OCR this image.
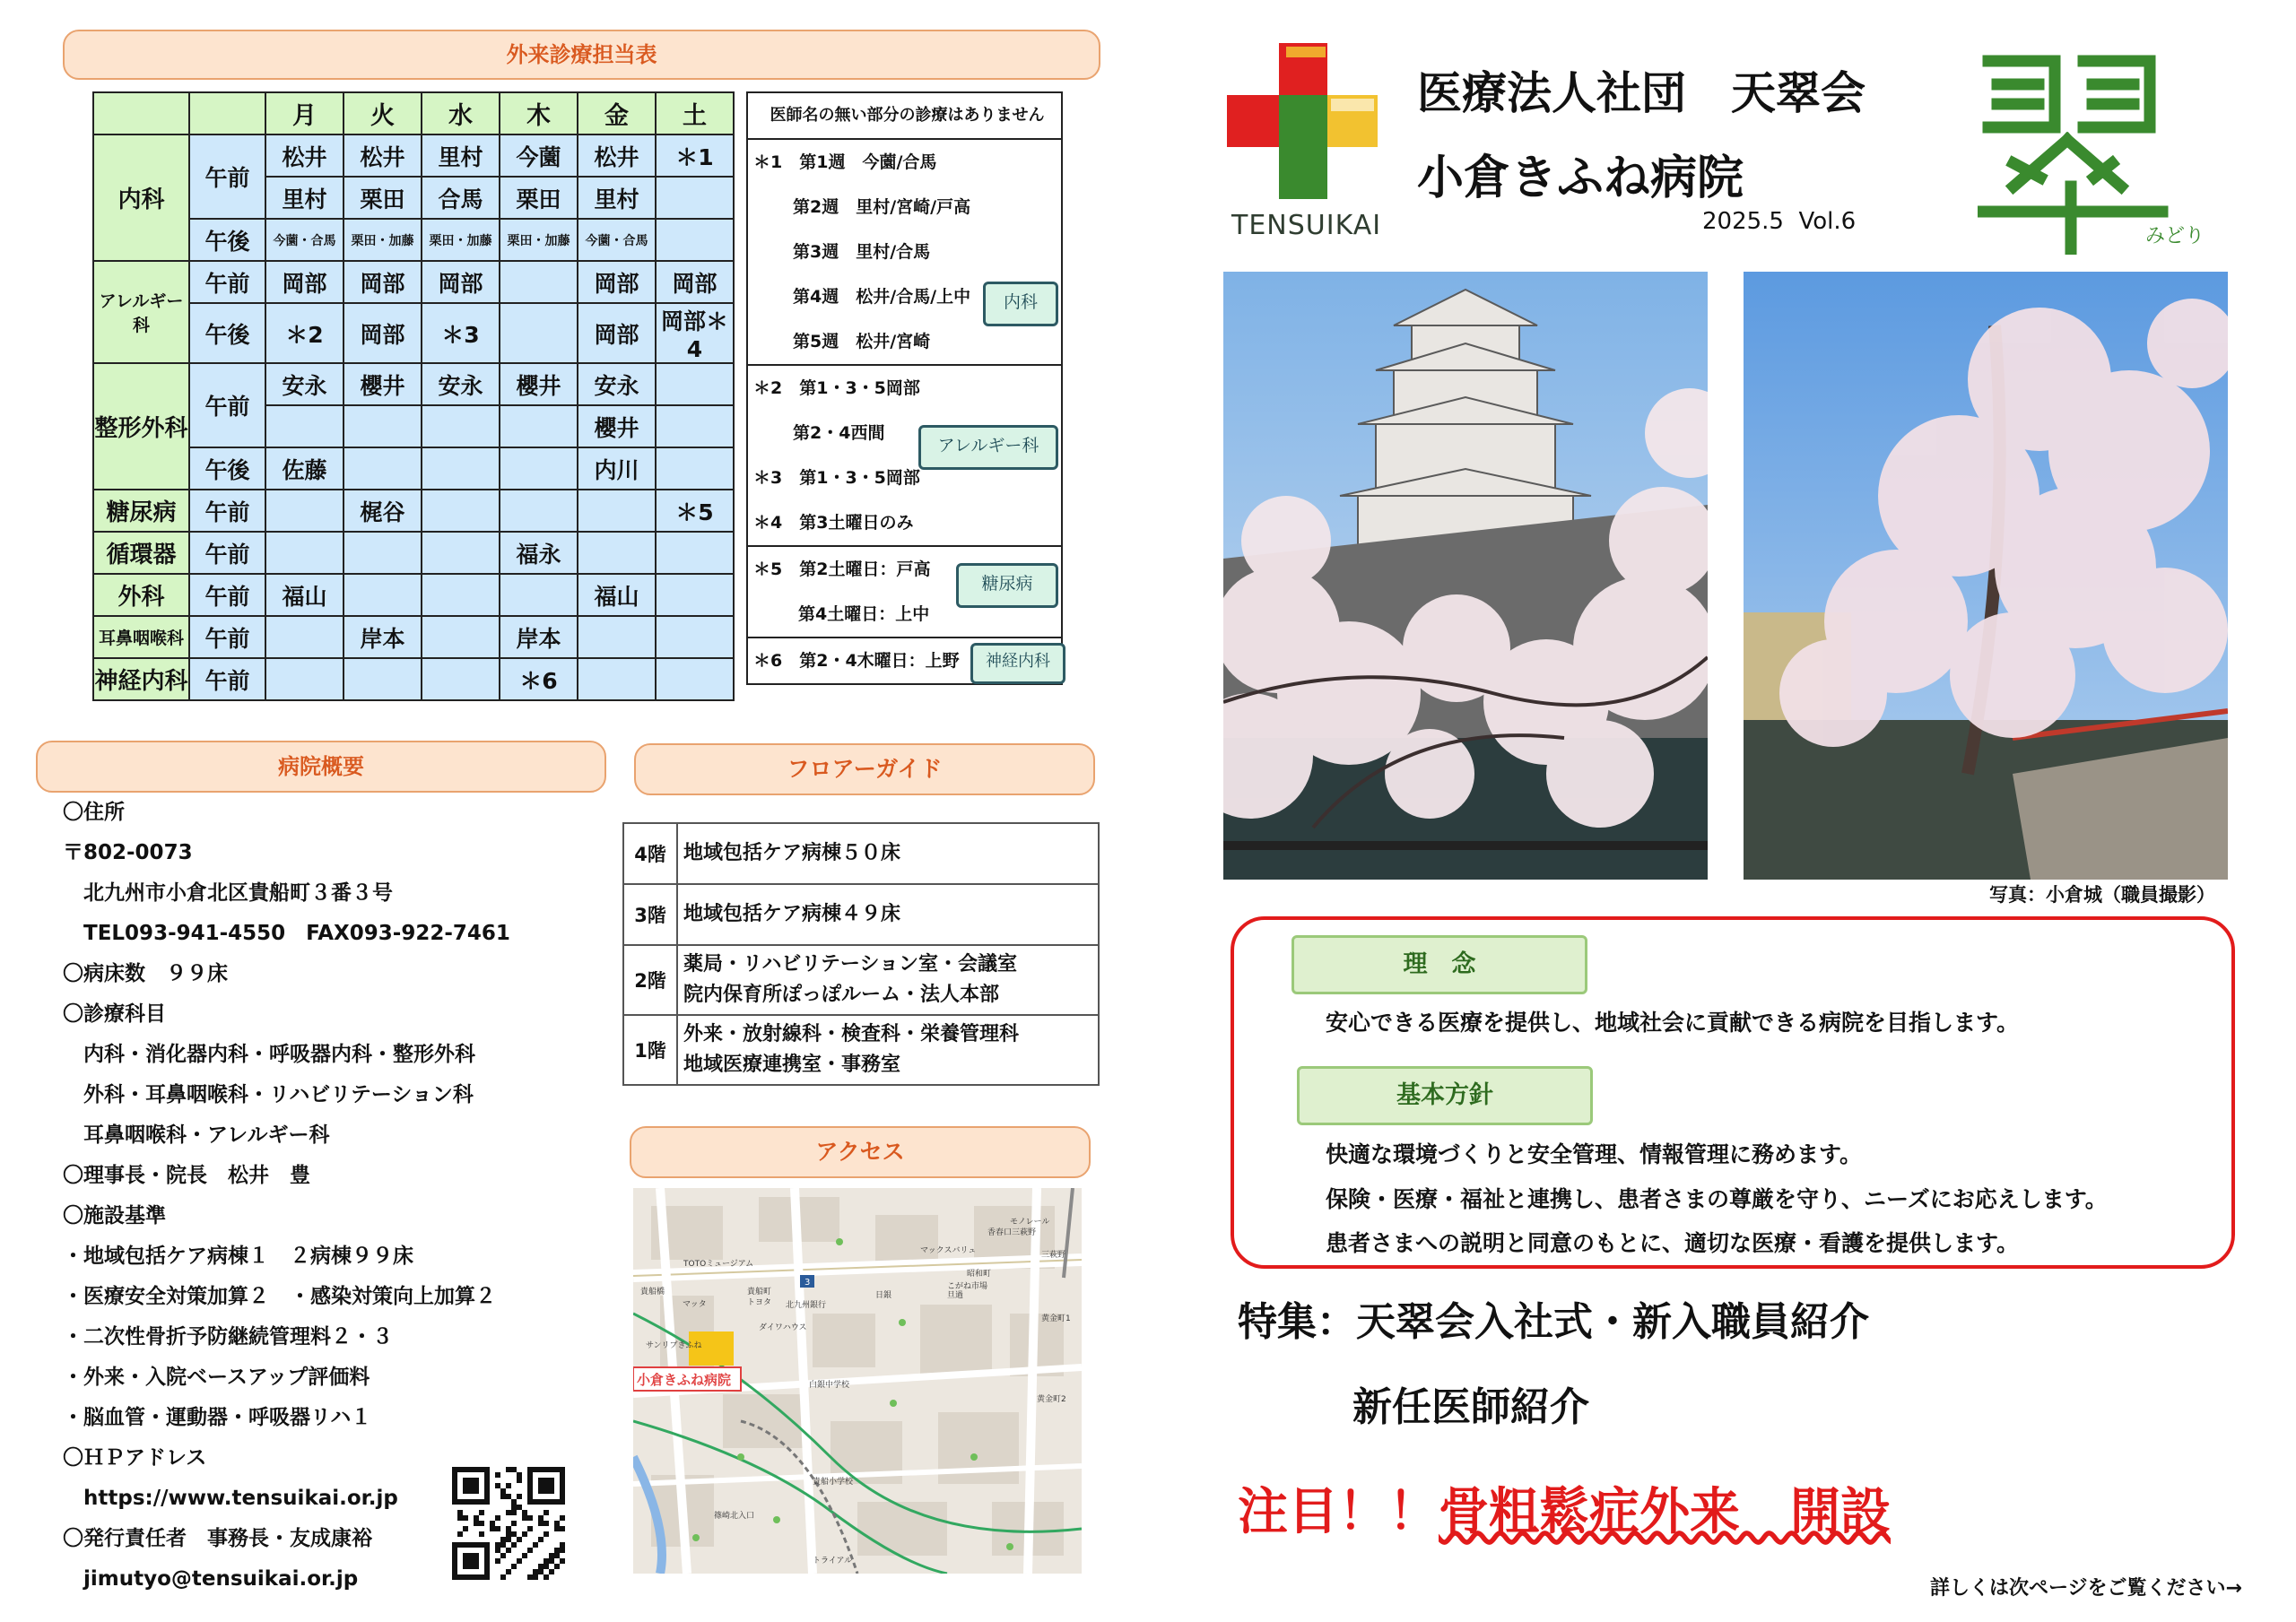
外来診療担当表
		月	火	水	木	金	土
内科	午前	松井	松井	里村	今薗	松井	＊1
		里村	栗田	合馬	栗田	里村	
	午後	今薗・合馬	栗田・加藤	栗田・加藤	栗田・加藤	今薗・合馬	
アレルギー科	午前	岡部	岡部	岡部		岡部	岡部
	午後	＊2	岡部	＊3		岡部	岡部＊4
整形外科	午前	安永	櫻井	安永	櫻井	安永	
						櫻井	
	午後	佐藤				内川	
糖尿病	午前		梶谷				＊5
循環器	午前				福永		
外科	午前	福山				福山	
耳鼻咽喉科	午前		岸本		岸本		
神経内科	午前				＊6		
医師名の無い部分の診療はありません
＊1　第1週　今薗/合馬
第2週　里村/宮崎/戸高
第3週　里村/合馬
第4週　松井/合馬/上中
第5週　松井/宮崎
内科
＊2　第1・3・5岡部
第2・4西間
＊3　第1・3・5岡部
＊4　第3土曜日のみ
アレルギー科
＊5　第2土曜日：戸高
第4土曜日：上中
糖尿病
＊6　第2・4木曜日：上野	神経内科
病院概要
〇住所
〒802-0073
　北九州市小倉北区貴船町３番３号
　TEL093-941-4550　FAX093-922-7461
〇病床数　９９床
〇診療科目
　内科・消化器内科・呼吸器内科・整形外科
　外科・耳鼻咽喉科・リハビリテーション科
　耳鼻咽喉科・アレルギー科
〇理事長・院長　松井　豊
〇施設基準
・地域包括ケア病棟１　２病棟９９床
・医療安全対策加算２　・感染対策向上加算２
・二次性骨折予防継続管理料２・３
・外来・入院ベースアップ評価料
・脳血管・運動器・呼吸器リハ１
〇ＨＰアドレス
　https://www.tensuikai.or.jp
〇発行責任者　事務長・友成康裕
　jimutyo@tensuikai.or.jp
フロアーガイド
4階	地域包括ケア病棟５０床

3階	地域包括ケア病棟４９床

2階	薬局・リハビリテーション室・会議室
院内保育所ぽっぽルーム・法人本部

1階	外来・放射線科・検査科・栄養管理科
地域医療連携室・事務室
アクセス
小倉きふね病院
TOTOミュージアム
マックスバリュ
モノレール
香春口三萩野
三萩野
昭和町
貴船橋
マッタ	トヨタ 北九州銀行
日銀
貴船町
こがね市場
旦過
ダイワハウス
サンリブきふね
白銀中学校
貴船小学校
篠崎北入口
トライアル
黄金町1
黄金町2
3
TENSUIKAI
医療法人社団　天翠会
小倉きふね病院
2025.5  Vol.6
みどり
写真：小倉城（職員撮影）
理　念
安心できる医療を提供し、地域社会に貢献できる病院を目指します。
基本方針
快適な環境づくりと安全管理、情報管理に務めます。
保険・医療・福祉と連携し、患者さまの尊厳を守り、ニーズにお応えします。
患者さまへの説明と同意のもとに、適切な医療・看護を提供します。
特集：天翠会入社式・新入職員紹介
新任医師紹介
注目！！骨粗鬆症外来　開設
詳しくは次ページをご覧ください→
